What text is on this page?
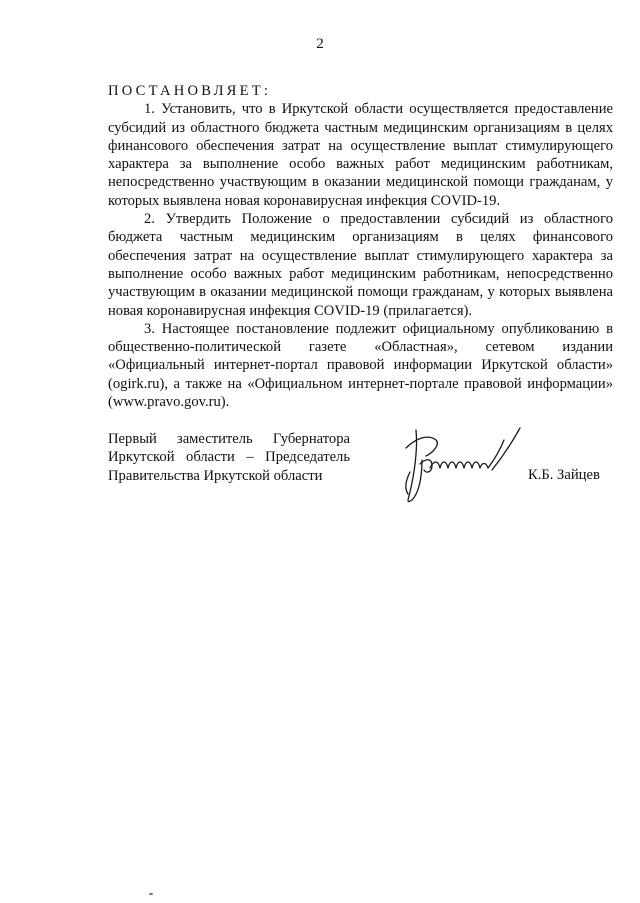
2

ПОСТАНОВЛЯЕТ:

1. Установить, что в Иркутской области осуществляется предоставление субсидий из областного бюджета частным медицинским организациям в целях финансового обеспечения затрат на осуществление выплат стимулирующего характера за выполнение особо важных работ медицинским работникам, непосредственно участвующим в оказании медицинской помощи гражданам, у которых выявлена новая коронавирусная инфекция COVID-19.

2. Утвердить Положение о предоставлении субсидий из областного бюджета частным медицинским организациям в целях финансового обеспечения затрат на осуществление выплат стимулирующего характера за выполнение особо важных работ медицинским работникам, непосредственно участвующим в оказании медицинской помощи гражданам, у которых выявлена новая коронавирусная инфекция COVID-19 (прилагается).

3. Настоящее постановление подлежит официальному опубликованию в общественно-политической газете «Областная», сетевом издании «Официальный интернет-портал правовой информации Иркутской области» (ogirk.ru), а также на «Официальном интернет-портале правовой информации» (www.pravo.gov.ru).

Первый заместитель Губернатора
Иркутской области – Председатель
Правительства Иркутской области	К.Б. Зайцев
